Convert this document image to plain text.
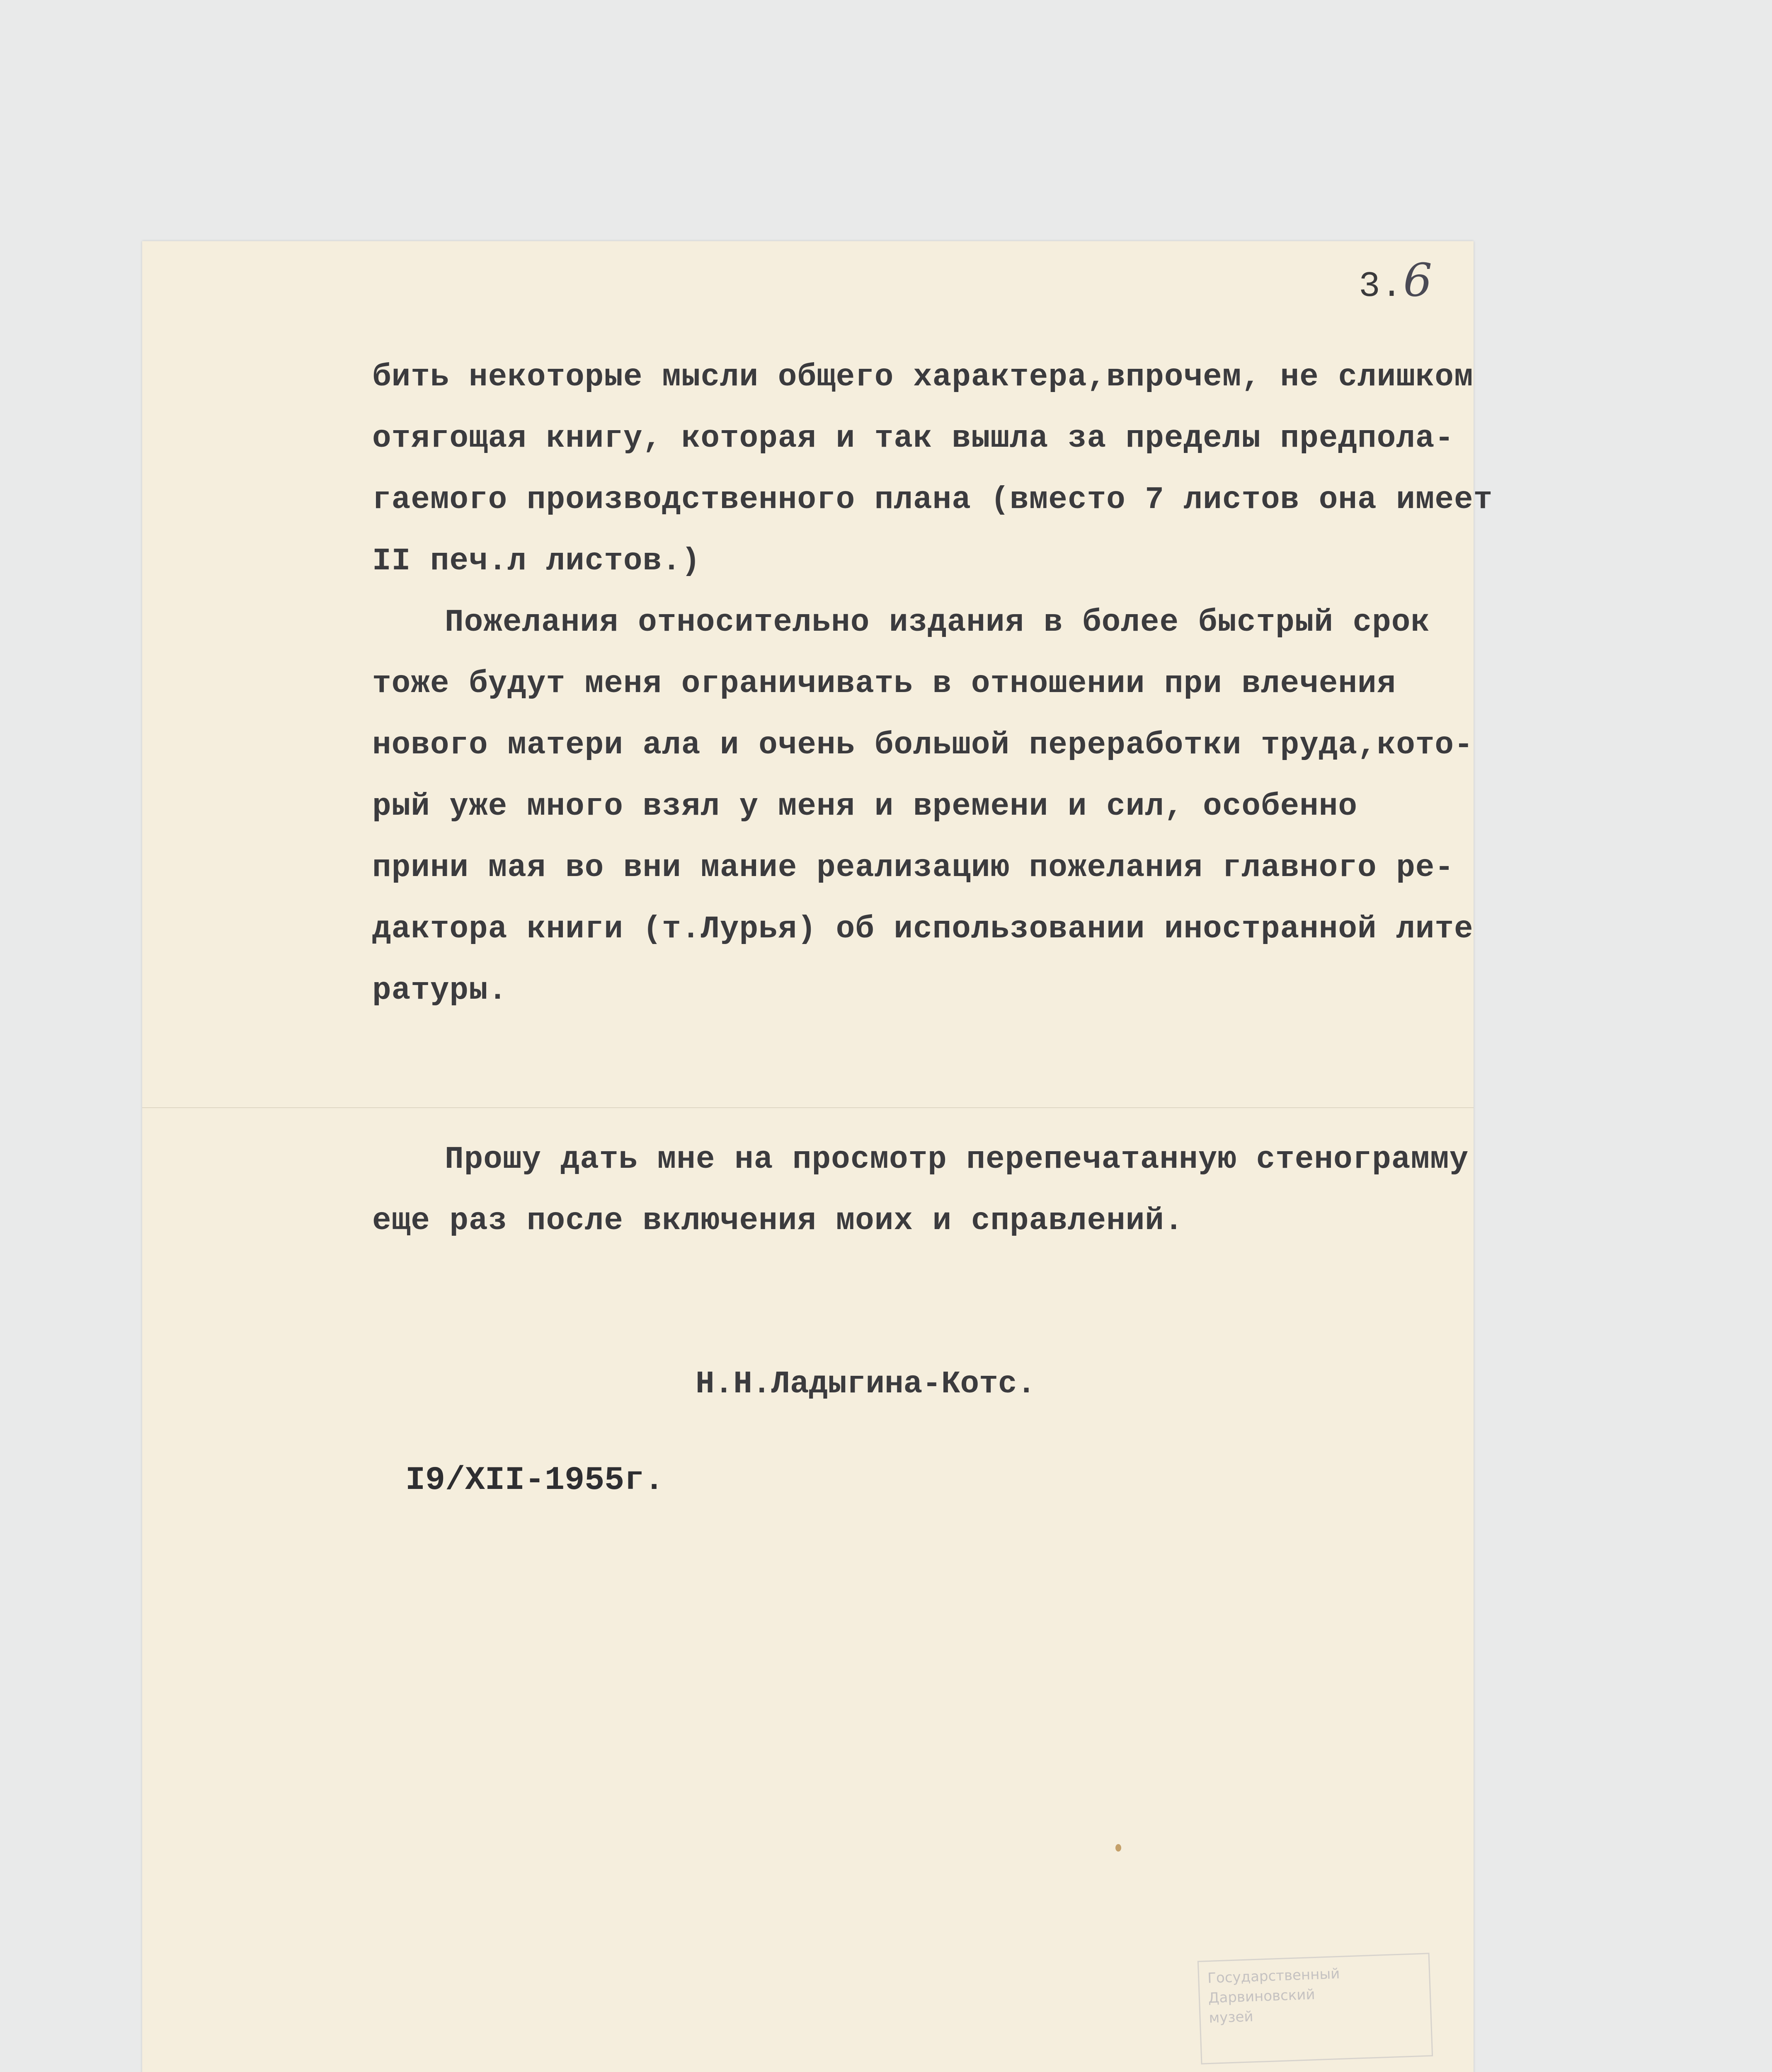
3.6
бить некоторые мысли общего характера,впрочем, не слишком
отягощая книгу, которая и так вышла за пределы предпола-
гаемого производственного плана (вместо 7 листов она имеет
II печ.л листов.)
Пожелания относительно издания в более быстрый срок
тоже будут меня ограничивать в отношении при влечения
нового матери ала и очень большой переработки труда,кото-
рый уже много взял у меня и времени и сил, особенно
прини мая во вни мание реализацию пожелания главного ре-
дактора книги (т.Лурья) об использовании иностранной лите
ратуры.
Прошу дать мне на просмотр перепечатанную стенограмму
еще раз после включения моих и справлений.
Н.Н.Ладыгина-Котс.
I9/XII-1955г.
Государственный
Дарвиновский
музей
